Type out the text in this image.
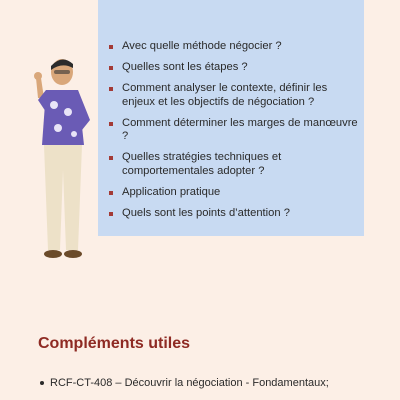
Avec quelle méthode négocier ?
Quelles sont les étapes ?
Comment analyser le contexte, définir les enjeux et les objectifs de négociation ?
Comment déterminer les marges de manœuvre ?
Quelles stratégies techniques et comportementales adopter ?
Application pratique
Quels sont les points d’attention ?
Compléments utiles
RCF-CT-408 – Découvrir la négociation - Fondamentaux;
